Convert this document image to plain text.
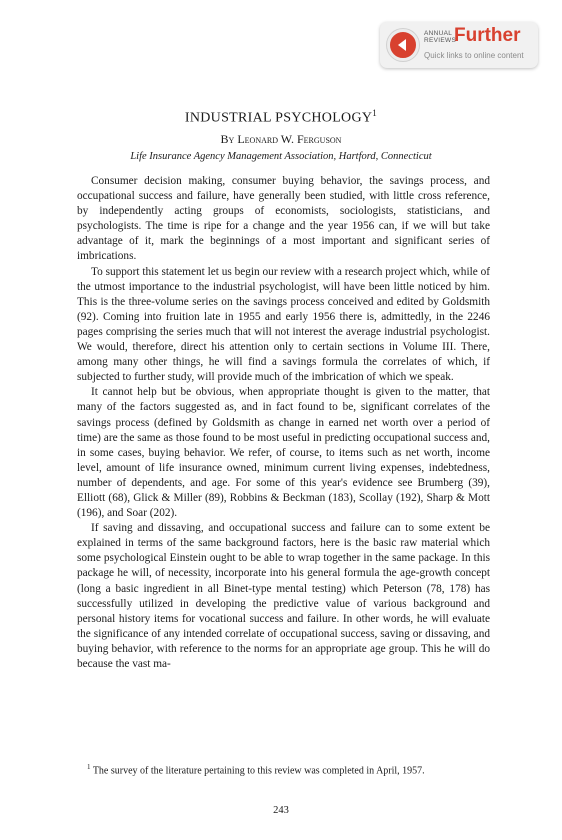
ANNUAL
REVIEWS
Further
Quick links to online content
INDUSTRIAL PSYCHOLOGY$^1$
By Leonard W. Ferguson
Life Insurance Agency Management Association, Hartford, Connecticut

Consumer decision making, consumer buying behavior, the savings process, and occupational success and failure, have generally been studied, with little cross reference, by independently acting groups of economists, sociologists, statisticians, and psychologists. The time is ripe for a change and the year 1956 can, if we will but take advantage of it, mark the beginnings of a most important and significant series of imbrications.

To support this statement let us begin our review with a research project which, while of the utmost importance to the industrial psychologist, will have been little noticed by him. This is the three-volume series on the savings process conceived and edited by Goldsmith (92). Coming into fruition late in 1955 and early 1956 there is, admittedly, in the 2246 pages comprising the series much that will not interest the average industrial psychologist. We would, therefore, direct his attention only to certain sections in Volume III. There, among many other things, he will find a savings formula the correlates of which, if subjected to further study, will provide much of the imbrication of which we speak.

It cannot help but be obvious, when appropriate thought is given to the matter, that many of the factors suggested as, and in fact found to be, significant correlates of the savings process (defined by Goldsmith as change in earned net worth over a period of time) are the same as those found to be most useful in predicting occupational success and, in some cases, buying behavior. We refer, of course, to items such as net worth, income level, amount of life insurance owned, minimum current living expenses, indebtedness, number of dependents, and age. For some of this year's evidence see Brumberg (39), Elliott (68), Glick & Miller (89), Robbins & Beckman (183), Scollay (192), Sharp & Mott (196), and Soar (202).

If saving and dissaving, and occupational success and failure can to some extent be explained in terms of the same background factors, here is the basic raw material which some psychological Einstein ought to be able to wrap together in the same package. In this package he will, of necessity, incorporate into his general formula the age-growth concept (long a basic ingredient in all Binet-type mental testing) which Peterson (78, 178) has successfully utilized in developing the predictive value of various background and personal history items for vocational success and failure. In other words, he will evaluate the significance of any intended correlate of occupational success, saving or dissaving, and buying behavior, with reference to the norms for an appropriate age group. This he will do because the vast ma-

$^1$ The survey of the literature pertaining to this review was completed in April, 1957.
243
